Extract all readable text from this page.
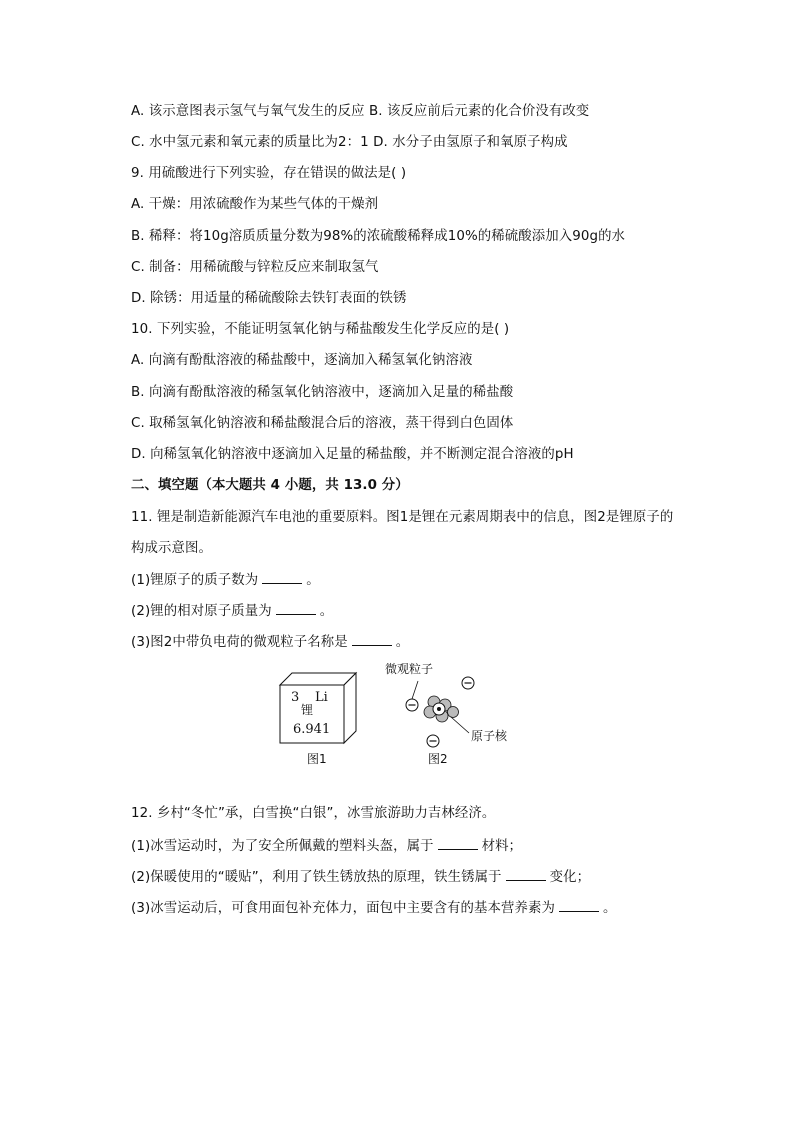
A. 该示意图表示氢气与氧气发生的反应 B. 该反应前后元素的化合价没有改变
C. 水中氢元素和氧元素的质量比为2：1 D. 水分子由氢原子和氧原子构成
9. 用硫酸进行下列实验，存在错误的做法是( )
A. 干燥：用浓硫酸作为某些气体的干燥剂
B. 稀释：将10g溶质质量分数为98%的浓硫酸稀释成10%的稀硫酸添加入90g的水
C. 制备：用稀硫酸与锌粒反应来制取氢气
D. 除锈：用适量的稀硫酸除去铁钉表面的铁锈
10. 下列实验，不能证明氢氧化钠与稀盐酸发生化学反应的是( )
A. 向滴有酚酞溶液的稀盐酸中，逐滴加入稀氢氧化钠溶液
B. 向滴有酚酞溶液的稀氢氧化钠溶液中，逐滴加入足量的稀盐酸
C. 取稀氢氧化钠溶液和稀盐酸混合后的溶液，蒸干得到白色固体
D. 向稀氢氧化钠溶液中逐滴加入足量的稀盐酸，并不断测定混合溶液的pH
二、填空题（本大题共 4 小题，共 13.0 分）
11. 锂是制造新能源汽车电池的重要原料。图1是锂在元素周期表中的信息，图2是锂原子的
构成示意图。
(1)锂原子的质子数为	。
(2)锂的相对原子质量为	。
(3)图2中带负电荷的微观粒子名称是	。
3 Li
锂
6.941
图1
微观粒子
原子核
图2
12. 乡村“冬忙”承，白雪换“白银”，冰雪旅游助力吉林经济。
(1)冰雪运动时，为了安全所佩戴的塑料头盔，属于	材料；
(2)保暖使用的“暖贴”，利用了铁生锈放热的原理，铁生锈属于	变化；
(3)冰雪运动后，可食用面包补充体力，面包中主要含有的基本营养素为	。
